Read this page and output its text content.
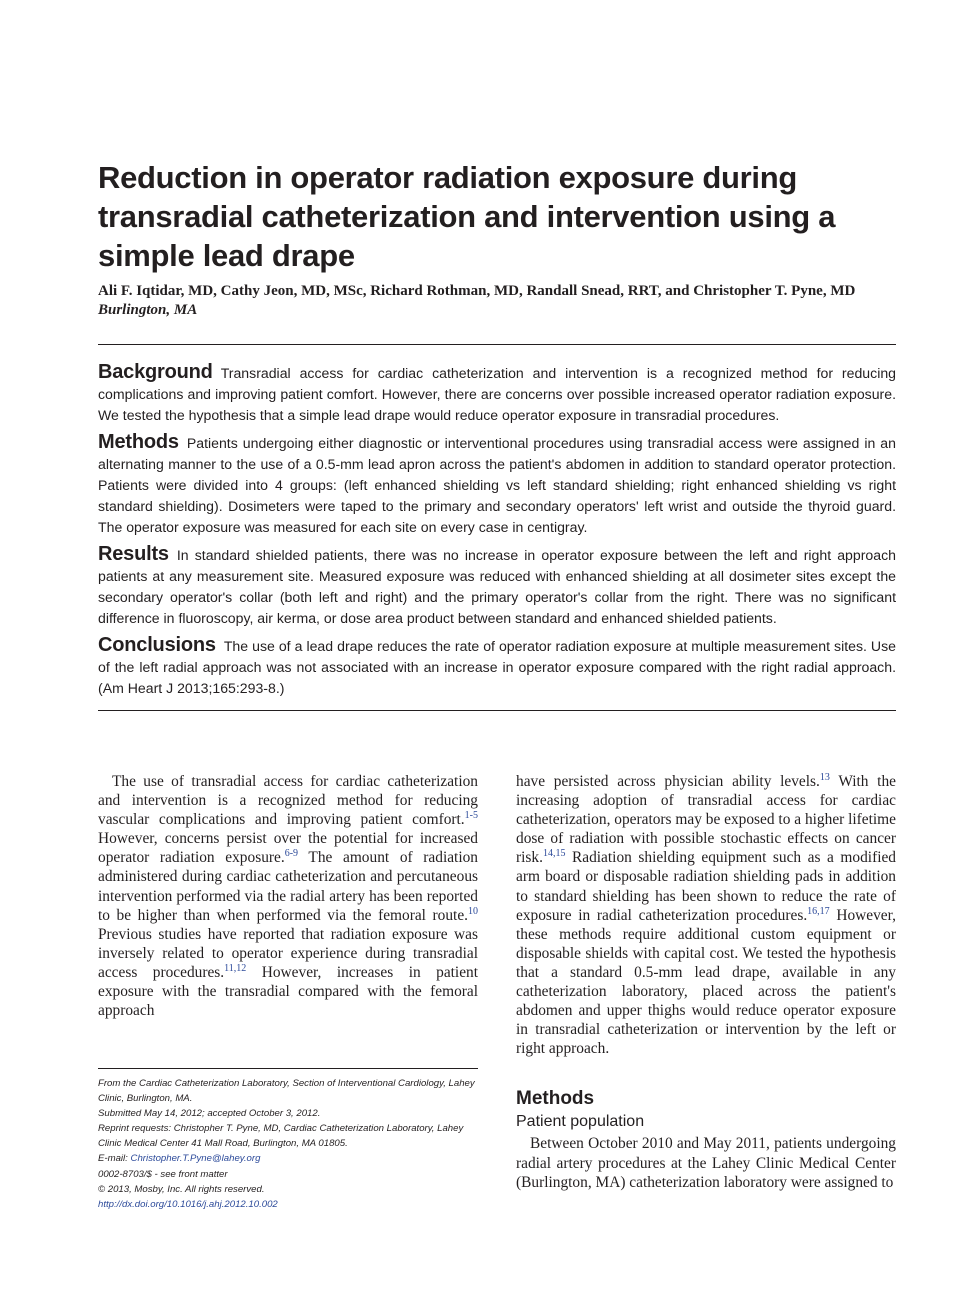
Reduction in operator radiation exposure during transradial catheterization and intervention using a simple lead drape
Ali F. Iqtidar, MD, Cathy Jeon, MD, MSc, Richard Rothman, MD, Randall Snead, RRT, and Christopher T. Pyne, MD
Burlington, MA

Background Transradial access for cardiac catheterization and intervention is a recognized method for reducing complications and improving patient comfort. However, there are concerns over possible increased operator radiation exposure. We tested the hypothesis that a simple lead drape would reduce operator exposure in transradial procedures.

Methods Patients undergoing either diagnostic or interventional procedures using transradial access were assigned in an alternating manner to the use of a 0.5-mm lead apron across the patient's abdomen in addition to standard operator protection. Patients were divided into 4 groups: (left enhanced shielding vs left standard shielding; right enhanced shielding vs right standard shielding). Dosimeters were taped to the primary and secondary operators' left wrist and outside the thyroid guard. The operator exposure was measured for each site on every case in centigray.

Results In standard shielded patients, there was no increase in operator exposure between the left and right approach patients at any measurement site. Measured exposure was reduced with enhanced shielding at all dosimeter sites except the secondary operator's collar (both left and right) and the primary operator's collar from the right. There was no significant difference in fluoroscopy, air kerma, or dose area product between standard and enhanced shielded patients.

Conclusions The use of a lead drape reduces the rate of operator radiation exposure at multiple measurement sites. Use of the left radial approach was not associated with an increase in operator exposure compared with the right radial approach. (Am Heart J 2013;165:293-8.)

The use of transradial access for cardiac catheterization and intervention is a recognized method for reducing vascular complications and improving patient comfort.$^{1-5}$ However, concerns persist over the potential for increased operator radiation exposure.$^{6-9}$ The amount of radiation administered during cardiac catheterization and percutaneous intervention performed via the radial artery has been reported to be higher than when performed via the femoral route.$^{10}$ Previous studies have reported that radiation exposure was inversely related to operator experience during transradial access procedures.$^{11,12}$ However, increases in patient exposure with the transradial compared with the femoral approach

From the Cardiac Catheterization Laboratory, Section of Interventional Cardiology, Lahey Clinic, Burlington, MA.
Submitted May 14, 2012; accepted October 3, 2012.
Reprint requests: Christopher T. Pyne, MD, Cardiac Catheterization Laboratory, Lahey Clinic Medical Center 41 Mall Road, Burlington, MA 01805.
E-mail: Christopher.T.Pyne@lahey.org
0002-8703/$ - see front matter
© 2013, Mosby, Inc. All rights reserved.
http://dx.doi.org/10.1016/j.ahj.2012.10.002

have persisted across physician ability levels.$^{13}$ With the increasing adoption of transradial access for cardiac catheterization, operators may be exposed to a higher lifetime dose of radiation with possible stochastic effects on cancer risk.$^{14,15}$ Radiation shielding equipment such as a modified arm board or disposable radiation shielding pads in addition to standard shielding has been shown to reduce the rate of exposure in radial catheterization procedures.$^{16,17}$ However, these methods require additional custom equipment or disposable shields with capital cost. We tested the hypothesis that a standard 0.5-mm lead drape, available in any catheterization laboratory, placed across the patient's abdomen and upper thighs would reduce operator exposure in transradial catheterization or intervention by the left or right approach.

Methods
Patient population

Between October 2010 and May 2011, patients undergoing radial artery procedures at the Lahey Clinic Medical Center (Burlington, MA) catheterization laboratory were assigned to
